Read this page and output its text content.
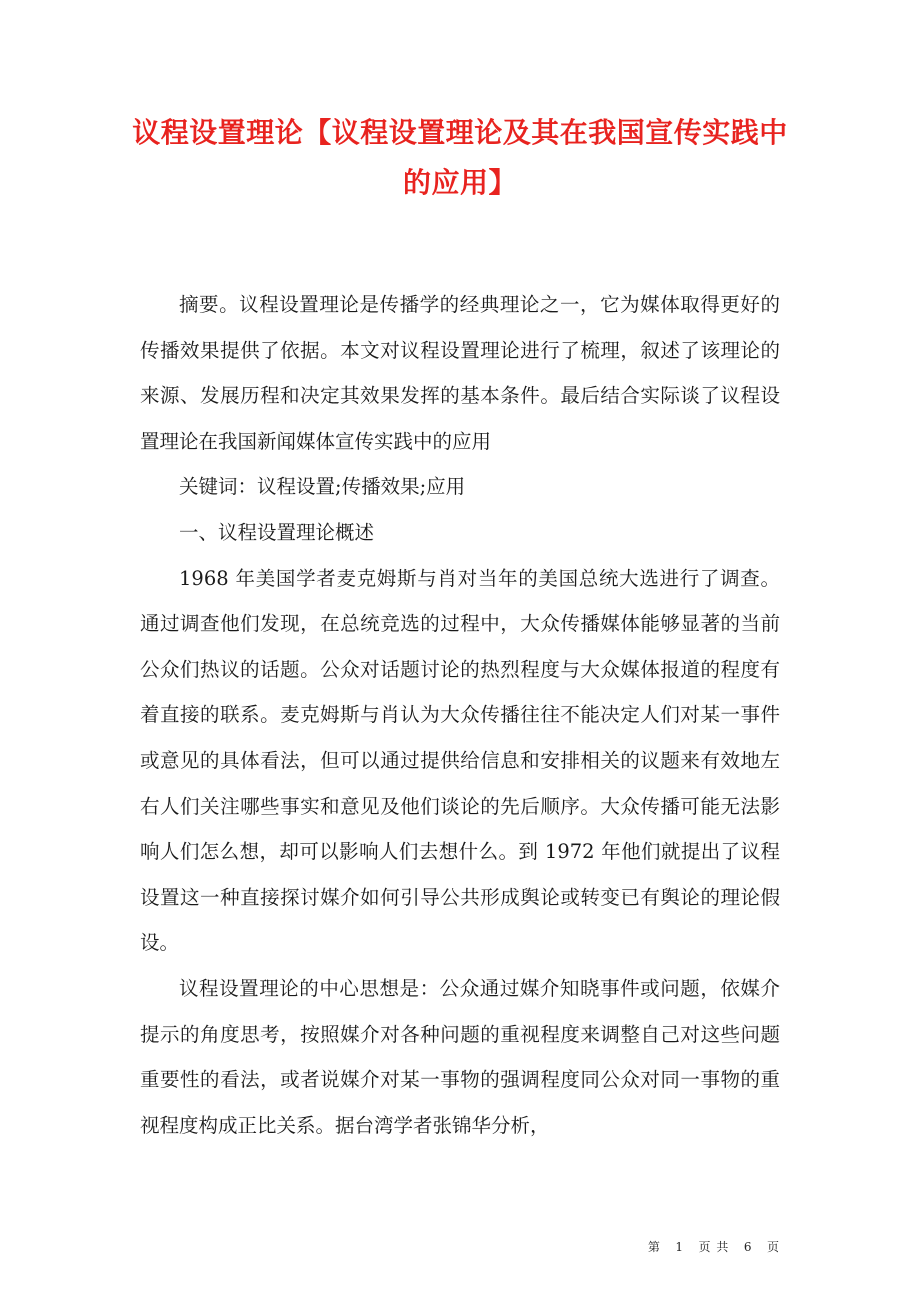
议程设置理论【议程设置理论及其在我国宣传实践中的应用】

摘要。议程设置理论是传播学的经典理论之一，它为媒体取得更好的传播效果提供了依据。本文对议程设置理论进行了梳理，叙述了该理论的来源、发展历程和决定其效果发挥的基本条件。最后结合实际谈了议程设置理论在我国新闻媒体宣传实践中的应用

关键词：议程设置;传播效果;应用

一、议程设置理论概述

1968 年美国学者麦克姆斯与肖对当年的美国总统大选进行了调查。通过调查他们发现，在总统竞选的过程中，大众传播媒体能够显著的当前公众们热议的话题。公众对话题讨论的热烈程度与大众媒体报道的程度有着直接的联系。麦克姆斯与肖认为大众传播往往不能决定人们对某一事件或意见的具体看法，但可以通过提供给信息和安排相关的议题来有效地左右人们关注哪些事实和意见及他们谈论的先后顺序。大众传播可能无法影响人们怎么想，却可以影响人们去想什么。到 1972 年他们就提出了议程设置这一种直接探讨媒介如何引导公共形成舆论或转变已有舆论的理论假设。

议程设置理论的中心思想是：公众通过媒介知晓事件或问题，依媒介提示的角度思考，按照媒介对各种问题的重视程度来调整自己对这些问题重要性的看法，或者说媒介对某一事物的强调程度同公众对同一事物的重视程度构成正比关系。据台湾学者张锦华分析，

第 1 页 共 6 页
